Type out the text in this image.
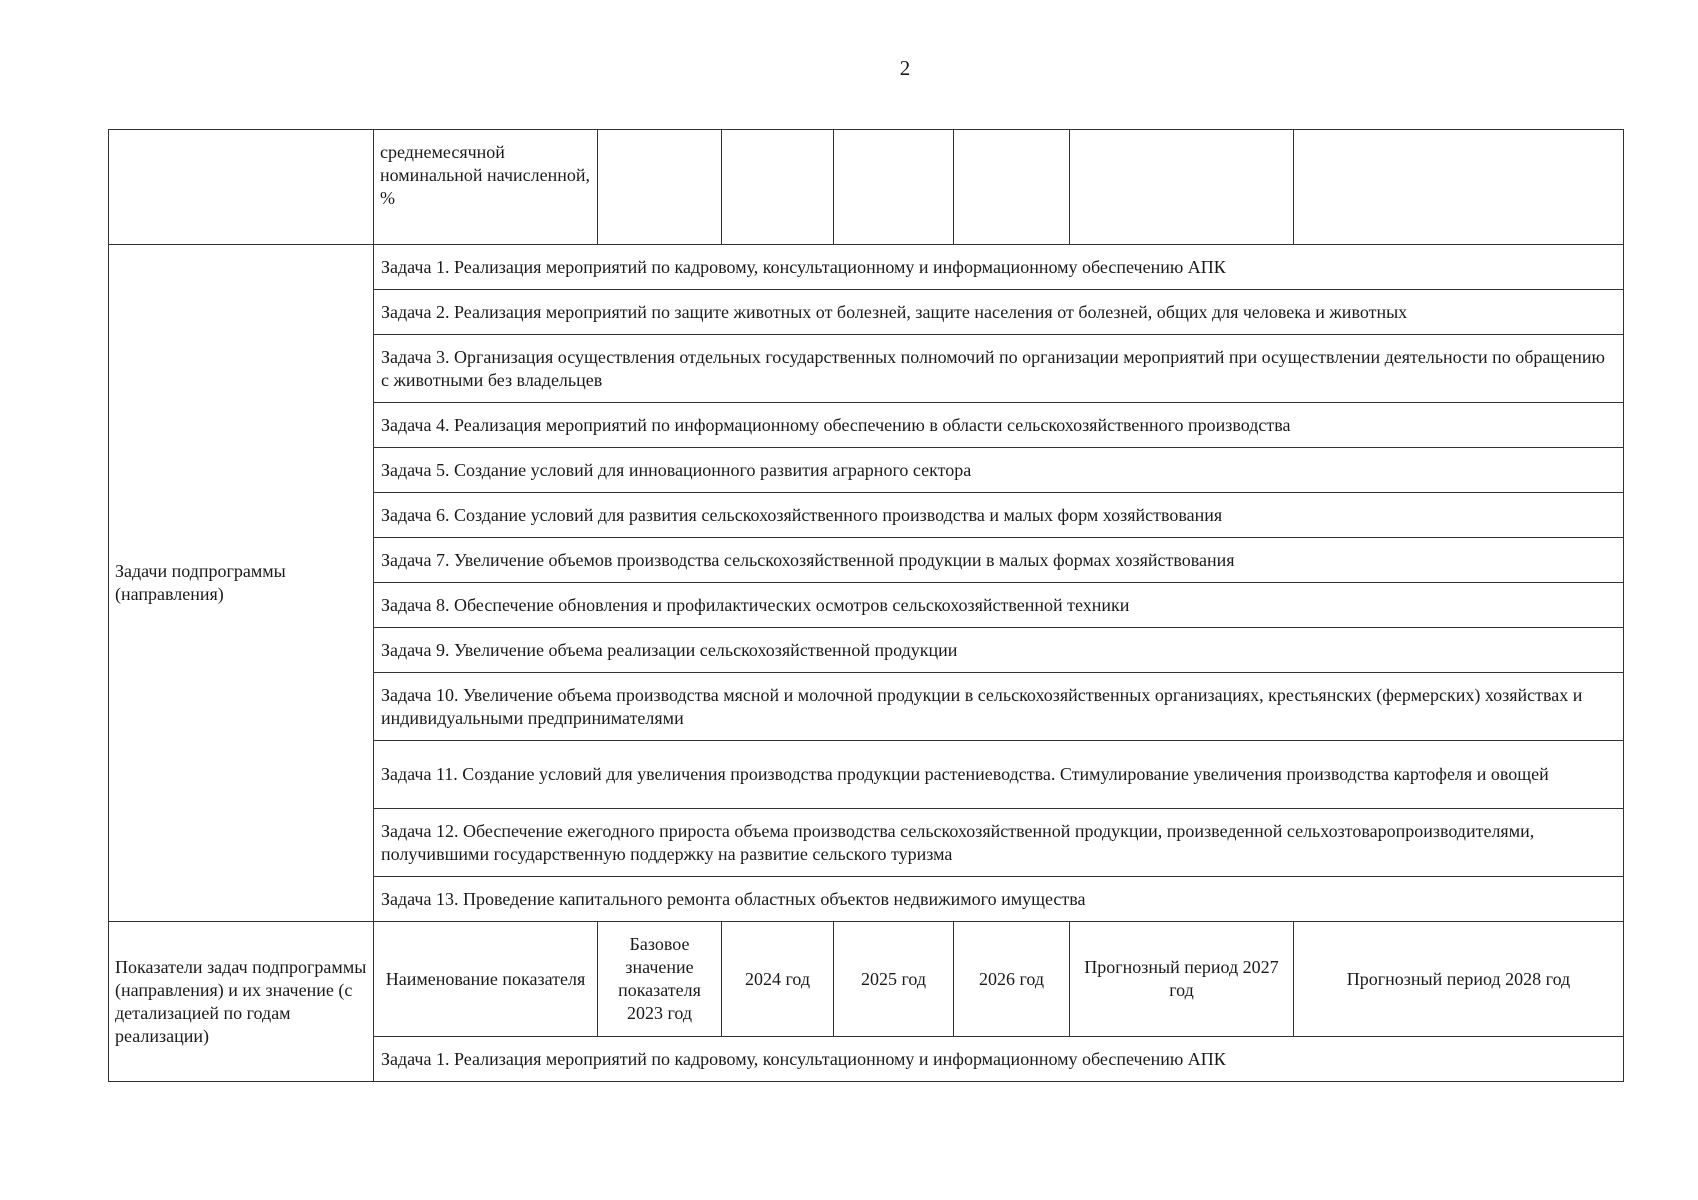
2
	среднемесячной номинальной начисленной, %						
Задачи подпрограммы (направления)	Задача 1. Реализация мероприятий по кадровому, консультационному и информационному обеспечению АПК						
	Задача 2. Реализация мероприятий по защите животных от болезней, защите населения от болезней, общих для человека и животных						
	Задача 3. Организация осуществления отдельных государственных полномочий по организации мероприятий при осуществлении деятельности по обращению с животными без владельцев						
	Задача 4. Реализация мероприятий по информационному обеспечению в области сельскохозяйственного производства						
	Задача 5. Создание условий для инновационного развития аграрного сектора						
	Задача 6. Создание условий для развития сельскохозяйственного производства и малых форм хозяйствования						
	Задача 7. Увеличение объемов производства сельскохозяйственной продукции в малых формах хозяйствования						
	Задача 8. Обеспечение обновления и профилактических осмотров сельскохозяйственной техники						
	Задача 9. Увеличение объема реализации сельскохозяйственной продукции						
	Задача 10. Увеличение объема производства мясной и молочной продукции в сельскохозяйственных организациях, крестьянских (фермерских) хозяйствах и индивидуальными предпринимателями						
	Задача 11. Создание условий для увеличения производства продукции растениеводства. Стимулирование увеличения производства картофеля и овощей						
	Задача 12. Обеспечение ежегодного прироста объема производства сельскохозяйственной продукции, произведенной сельхозтоваропроизводителями, получившими государственную поддержку на развитие сельского туризма						
	Задача 13. Проведение капитального ремонта областных объектов недвижимого имущества						
Показатели задач подпрограммы (направления) и их значение (с детализацией по годам реализации)	Наименование показателя	Базовое значение показателя 2023 год	2024 год	2025 год	2026 год	Прогнозный период 2027 год	Прогнозный период 2028 год
	Задача 1. Реализация мероприятий по кадровому, консультационному и информационному обеспечению АПК						
